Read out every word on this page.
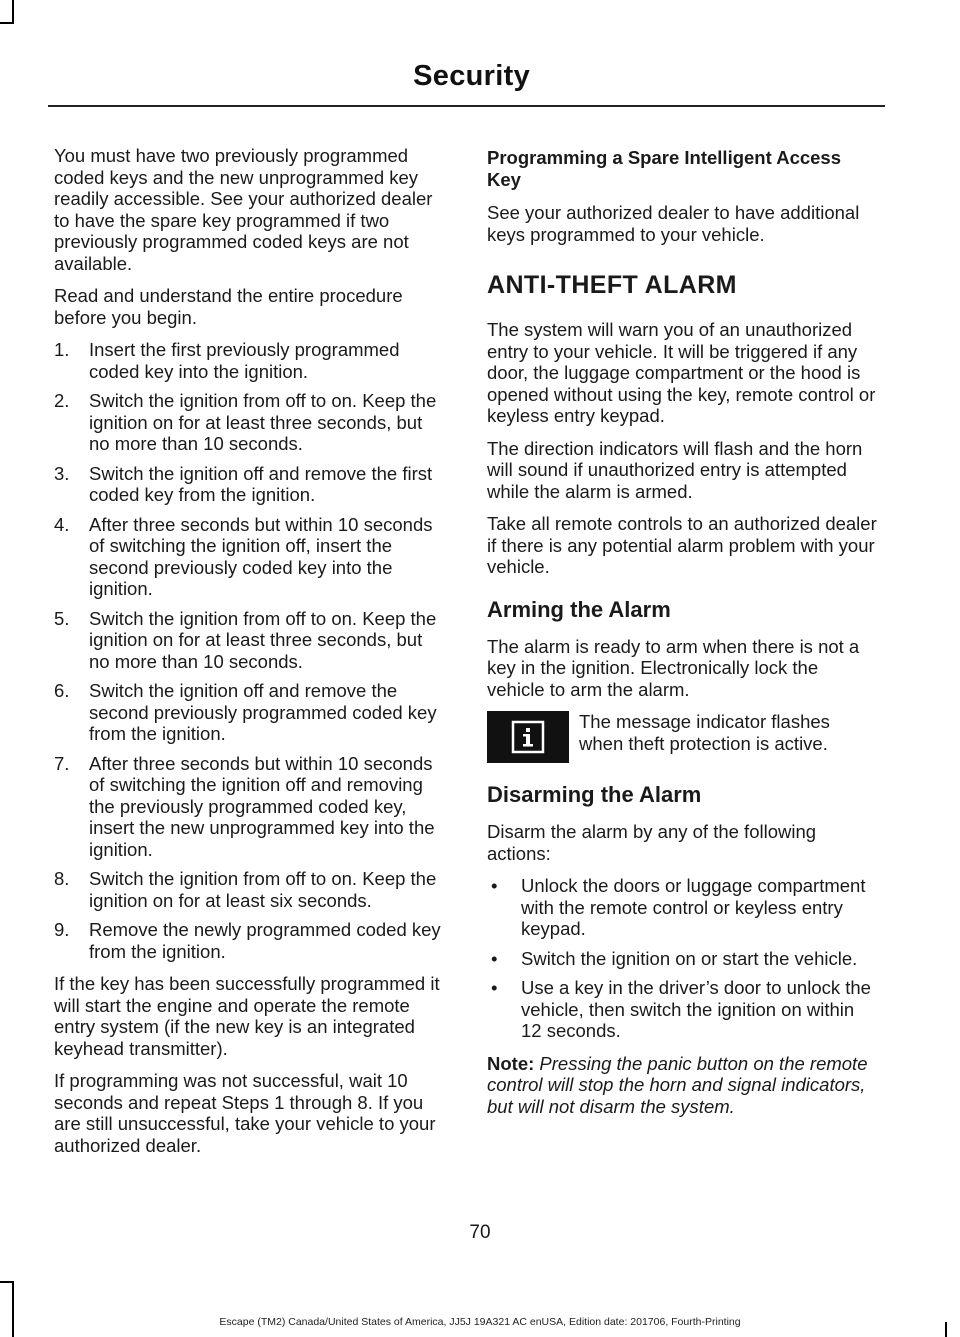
Security

You must have two previously programmed coded keys and the new unprogrammed key readily accessible. See your authorized dealer to have the spare key programmed if two previously programmed coded keys are not available.

Read and understand the entire procedure before you begin.

1.	Insert the first previously programmed coded key into the ignition.
2.	Switch the ignition from off to on. Keep the ignition on for at least three seconds, but no more than 10 seconds.
3.	Switch the ignition off and remove the first coded key from the ignition.
4.	After three seconds but within 10 seconds of switching the ignition off, insert the second previously coded key into the ignition.
5.	Switch the ignition from off to on. Keep the ignition on for at least three seconds, but no more than 10 seconds.
6.	Switch the ignition off and remove the second previously programmed coded key from the ignition.
7.	After three seconds but within 10 seconds of switching the ignition off and removing the previously programmed coded key, insert the new unprogrammed key into the ignition.
8.	Switch the ignition from off to on. Keep the ignition on for at least six seconds.
9.	Remove the newly programmed coded key from the ignition.

If the key has been successfully programmed it will start the engine and operate the remote entry system (if the new key is an integrated keyhead transmitter).

If programming was not successful, wait 10 seconds and repeat Steps 1 through 8. If you are still unsuccessful, take your vehicle to your authorized dealer.

Programming a Spare Intelligent Access Key

See your authorized dealer to have additional keys programmed to your vehicle.

ANTI-THEFT ALARM

The system will warn you of an unauthorized entry to your vehicle. It will be triggered if any door, the luggage compartment or the hood is opened without using the key, remote control or keyless entry keypad.

The direction indicators will flash and the horn will sound if unauthorized entry is attempted while the alarm is armed.

Take all remote controls to an authorized dealer if there is any potential alarm problem with your vehicle.

Arming the Alarm

The alarm is ready to arm when there is not a key in the ignition. Electronically lock the vehicle to arm the alarm.

The message indicator flashes when theft protection is active.
Disarming the Alarm

Disarm the alarm by any of the following actions:

•	Unlock the doors or luggage compartment with the remote control or keyless entry keypad.
•	Switch the ignition on or start the vehicle.
•	Use a key in the driver’s door to unlock the vehicle, then switch the ignition on within 12 seconds.

Note: Pressing the panic button on the remote control will stop the horn and signal indicators, but will not disarm the system.

70
Escape (TM2) Canada/United States of America, JJ5J 19A321 AC enUSA, Edition date: 201706, Fourth-Printing
